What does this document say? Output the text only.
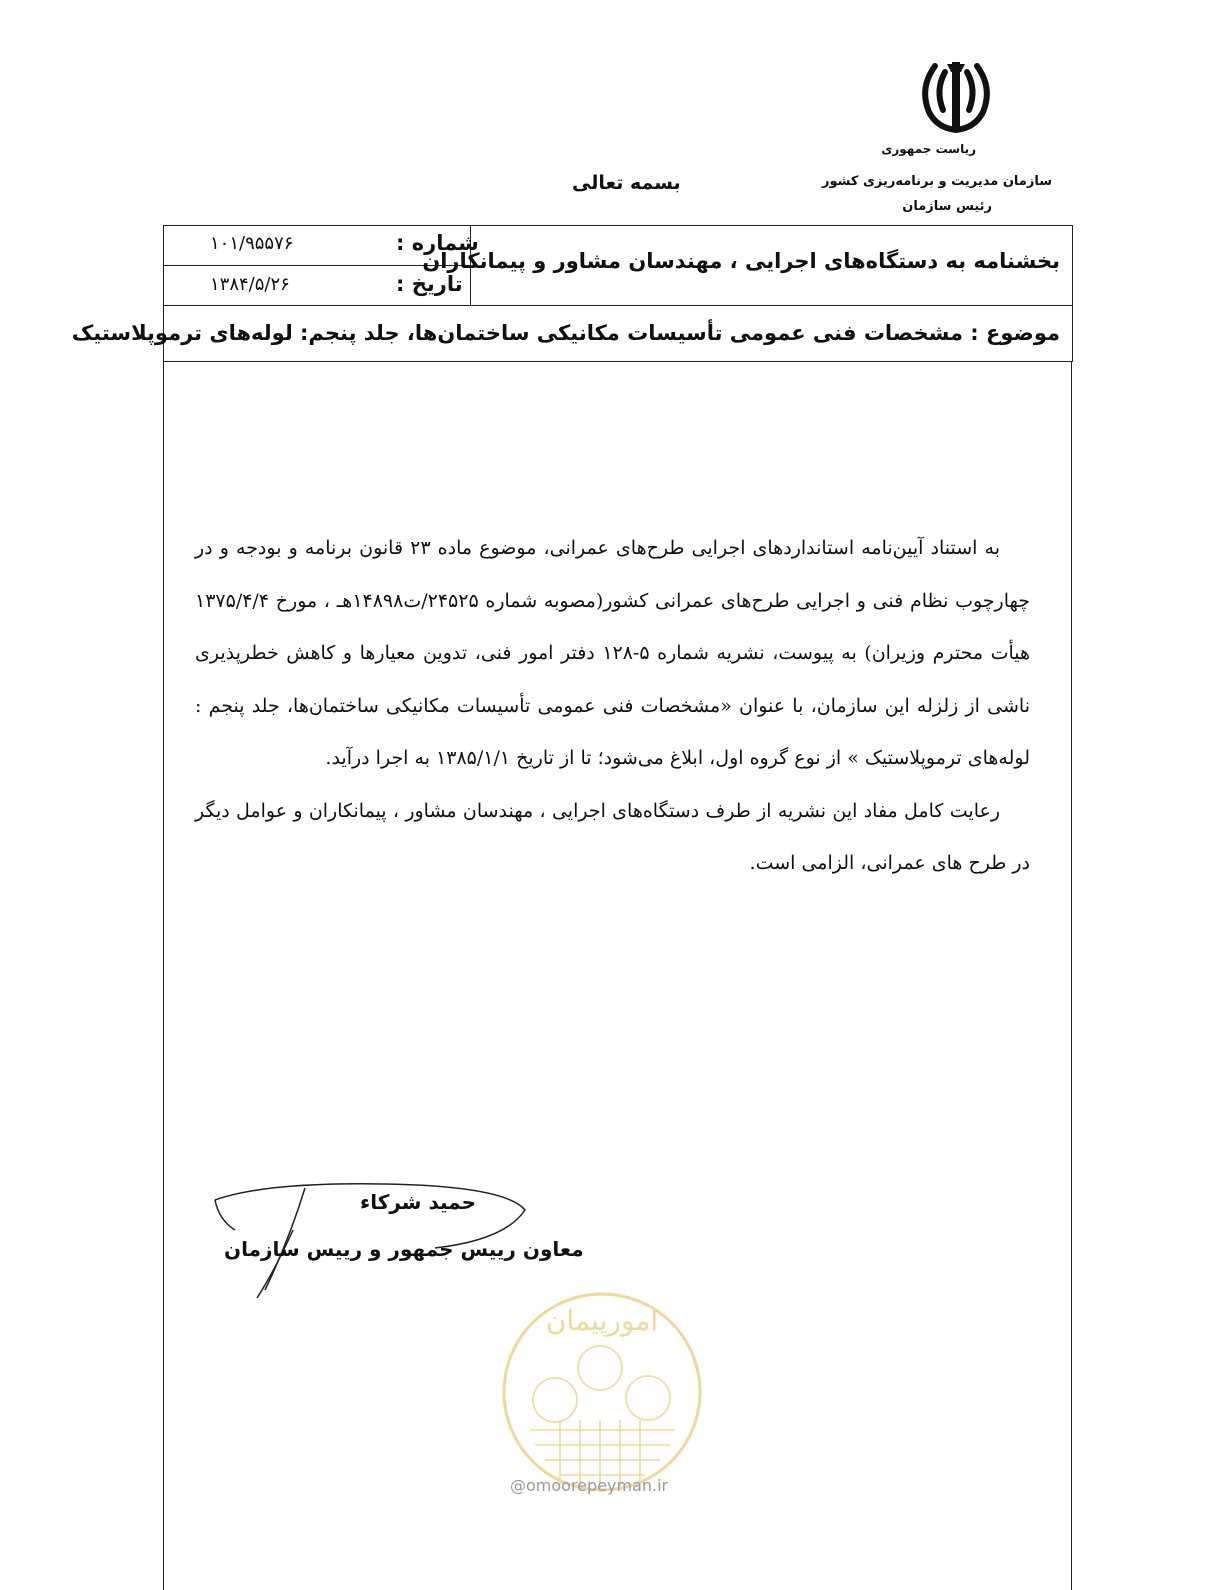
ریاست جمهوری
سازمان مدیریت و برنامه‌ریزی کشور
رئیس سازمان
بسمه تعالی
بخشنامه به دستگاه‌های اجرایی ، مهندسان مشاور و پیمانکاران
شماره :
۱۰۱/۹۵۵۷۶
تاریخ :
۱۳۸۴/۵/۲۶
موضوع : مشخصات فنی عمومی تأسیسات مکانیکی ساختمان‌ها، جلد پنجم: لوله‌های ترموپلاستیک

به استناد آیین‌نامه استانداردهای اجرایی طرح‌های عمرانی، موضوع ماده ۲۳ قانون برنامه و بودجه و در چهارچوب نظام فنی و اجرایی طرح‌های عمرانی کشور(مصوبه شماره ۲۴۵۲۵/ت۱۴۸۹۸هـ ، مورخ ۱۳۷۵/۴/۴ هیأت محترم وزیران) به پیوست، نشریه شماره ۵-۱۲۸ دفتر امور فنی، تدوین معیارها و کاهش خطرپذیری ناشی از زلزله این سازمان، با عنوان «مشخصات فنی عمومی تأسیسات مکانیکی ساختمان‌ها، جلد پنجم : لوله‌های ترموپلاستیک » از نوع گروه اول، ابلاغ می‌شود؛ تا از تاریخ ۱۳۸۵/۱/۱ به اجرا درآید.

رعایت کامل مفاد این نشریه از طرف دستگاه‌های اجرایی ، مهندسان مشاور ، پیمانکاران و عوامل دیگر در طرح های عمرانی، الزامی است.

حمید شرکاء
معاون رییس جمهور و رییس سازمان
امورپیمان
@omoorepeyman.ir
